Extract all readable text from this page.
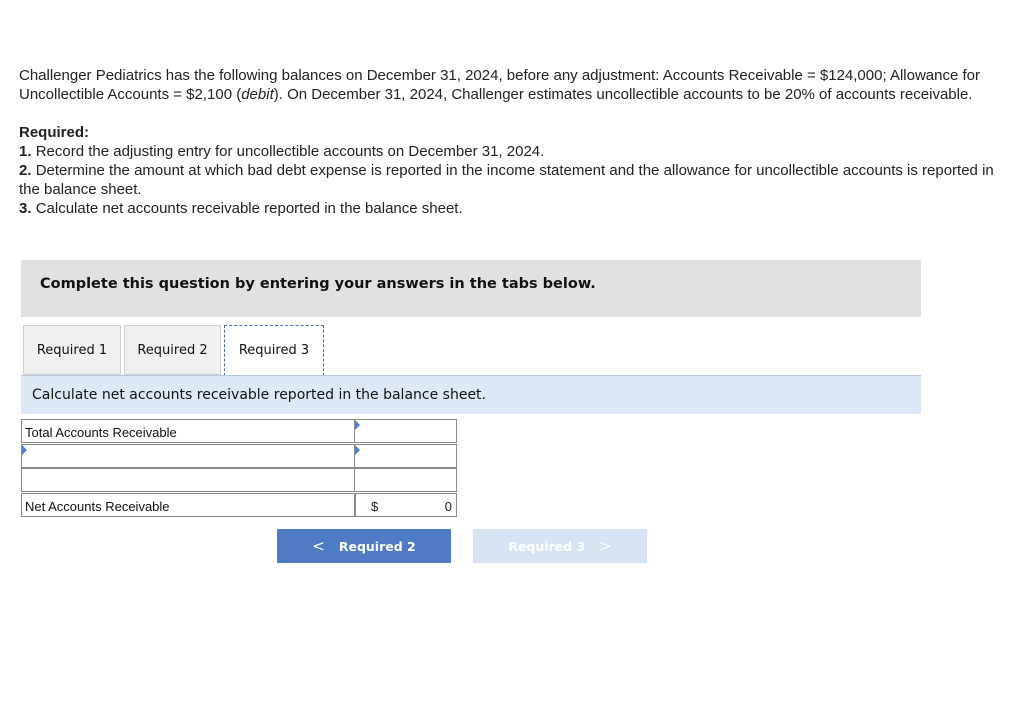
Challenger Pediatrics has the following balances on December 31, 2024, before any adjustment: Accounts Receivable = $124,000; Allowance for Uncollectible Accounts = $2,100 (debit). On December 31, 2024, Challenger estimates uncollectible accounts to be 20% of accounts receivable.

Required:

1. Record the adjusting entry for uncollectible accounts on December 31, 2024.

2. Determine the amount at which bad debt expense is reported in the income statement and the allowance for uncollectible accounts is reported in the balance sheet.

3. Calculate net accounts receivable reported in the balance sheet.

Complete this question by entering your answers in the tabs below.
Required 1	Required 2	Required 3
Calculate net accounts receivable reported in the balance sheet.
Total Accounts Receivable
Net Accounts Receivable	$	0
< Required 2	Required 3 >
